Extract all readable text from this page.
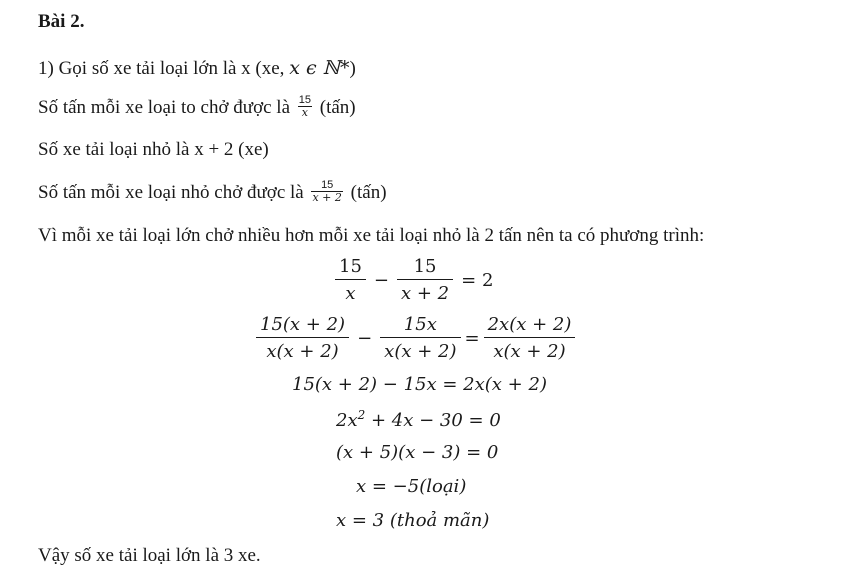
Bài 2.
1) Gọi số xe tải loại lớn là x (xe, x ϵ ℕ*)
Số tấn mỗi xe loại to chở được là $\frac{15}{x}$ (tấn)
Số xe tải loại nhỏ là x + 2 (xe)
Số tấn mỗi xe loại nhỏ chở được là $\frac{15}{x + 2}$ (tấn)
Vì mỗi xe tải loại lớn chở nhiều hơn mỗi xe tải loại nhỏ là 2 tấn nên ta có phương trình:
$\frac{15}{x} - \frac{15}{x + 2} = 2$
$\frac{15(x + 2)}{x(x + 2)} - \frac{15x}{x(x + 2)} = \frac{2x(x + 2)}{x(x + 2)}$
15(x + 2) − 15x = 2x(x + 2)
$2x^2 + 4x - 30 = 0$
(x + 5)(x − 3) = 0
x = −5(loại)
x = 3 (thoả mãn)
Vậy số xe tải loại lớn là 3 xe.
